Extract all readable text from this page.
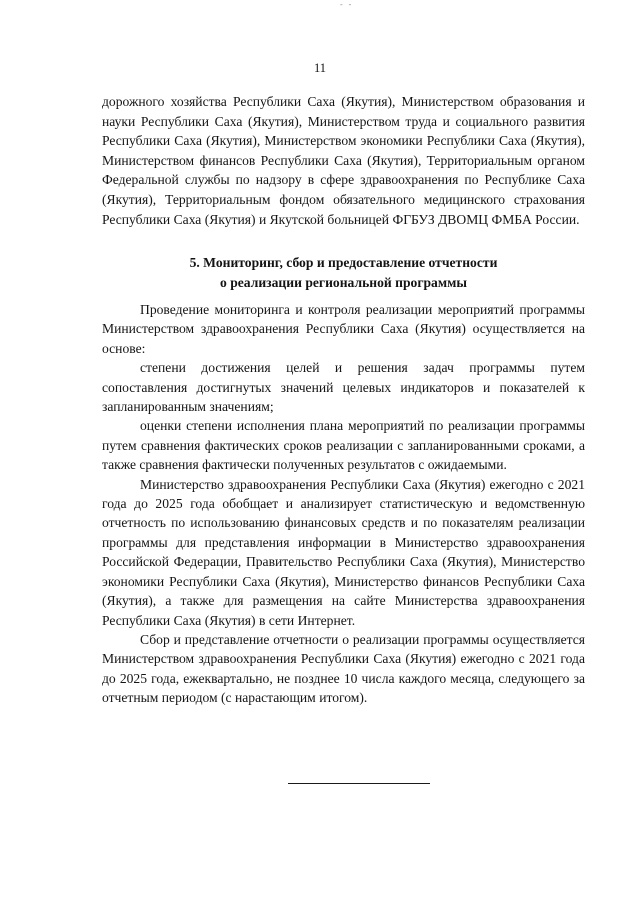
- -
11

дорожного хозяйства Республики Саха (Якутия), Министерством образования и науки Республики Саха (Якутия), Министерством труда и социального развития Республики Саха (Якутия), Министерством экономики Республики Саха (Якутия), Министерством финансов Республики Саха (Якутия), Территориальным органом Федеральной службы по надзору в сфере здравоохранения по Республике Саха (Якутия), Территориальным фондом обязательного медицинского страхования Республики Саха (Якутия) и Якутской больницей ФГБУЗ ДВОМЦ ФМБА России.

5. Мониторинг, сбор и предоставление отчетности
о реализации региональной программы

Проведение мониторинга и контроля реализации мероприятий программы Министерством здравоохранения Республики Саха (Якутия) осуществляется на основе:

степени достижения целей и решения задач программы путем сопоставления достигнутых значений целевых индикаторов и показателей к запланированным значениям;

оценки степени исполнения плана мероприятий по реализации программы путем сравнения фактических сроков реализации с запланированными сроками, а также сравнения фактически полученных результатов с ожидаемыми.

Министерство здравоохранения Республики Саха (Якутия) ежегодно с 2021 года до 2025 года обобщает и анализирует статистическую и ведомственную отчетность по использованию финансовых средств и по показателям реализации программы для представления информации в Министерство здравоохранения Российской Федерации, Правительство Республики Саха (Якутия), Министерство экономики Республики Саха (Якутия), Министерство финансов Республики Саха (Якутия), а также для размещения на сайте Министерства здравоохранения Республики Саха (Якутия) в сети Интернет.

Сбор и представление отчетности о реализации программы осуществляется Министерством здравоохранения Республики Саха (Якутия) ежегодно с 2021 года до 2025 года, ежеквартально, не позднее 10 числа каждого месяца, следующего за отчетным периодом (с нарастающим итогом).
